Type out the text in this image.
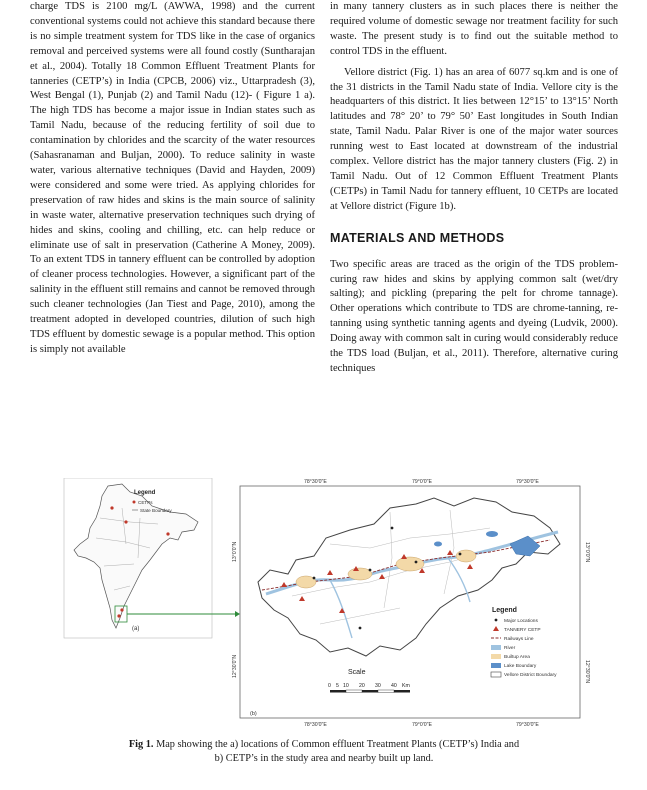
charge TDS is 2100 mg/L (AWWA, 1998) and the current conventional systems could not achieve this standard because there is no simple treatment system for TDS like in the case of organics removal and perceived systems were all found costly (Suntharajan et al., 2004). Totally 18 Common Effluent Treatment Plants for tanneries (CETP’s) in India (CPCB, 2006) viz., Uttarpradesh (3), West Bengal (1), Punjab (2) and Tamil Nadu (12)- ( Figure 1 a). The high TDS has become a major issue in Indian states such as Tamil Nadu, because of the reducing fertility of soil due to contamination by chlorides and the scarcity of the water resources (Sahasranaman and Buljan, 2000). To reduce salinity in waste water, various alternative techniques (David and Hayden, 2009) were considered and some were tried. As applying chlorides for preservation of raw hides and skins is the main source of salinity in waste water, alternative preservation techniques such drying of hides and skins, cooling and chilling, etc. can help reduce or eliminate use of salt in preservation (Catherine A Money, 2009). To an extent TDS in tannery effluent can be controlled by adoption of cleaner process technologies. However, a significant part of the salinity in the effluent still remains and cannot be removed through such cleaner technologies (Jan Tiest and Page, 2010), among the treatment adopted in developed countries, dilution of such high TDS effluent by domestic sewage is a popular method. This option is simply not available

in many tannery clusters as in such places there is neither the required volume of domestic sewage nor treatment facility for such waste. The present study is to find out the suitable method to control TDS in the effluent.

Vellore district (Fig. 1) has an area of 6077 sq.km and is one of the 31 districts in the Tamil Nadu state of India. Vellore city is the headquarters of this district. It lies between 12°15’ to 13°15’ North latitudes and 78° 20’ to 79° 50’ East longitudes in South Indian state, Tamil Nadu. Palar River is one of the major water sources running west to East located at downstream of the industrial complex. Vellore district has the major tannery clusters (Fig. 2) in Tamil Nadu. Out of 12 Common Effluent Treatment Plants (CETPs) in Tamil Nadu for tannery effluent, 10 CETPs are located at Vellore district (Figure 1b).

MATERIALS AND METHODS

Two specific areas are traced as the origin of the TDS problem- curing raw hides and skins by applying common salt (wet/dry salting); and pickling (preparing the pelt for chrome tannage). Other operations which contribute to TDS are chrome-tanning, re-tanning using synthetic tanning agents and dyeing (Ludvik, 2000). Doing away with common salt in curing would considerably reduce the TDS load (Buljan, et al., 2011). Therefore, alternative curing techniques

Legend
CETPs
State Boundary
(a)
78°30'0"E	79°0'0"E	79°30'0"E
78°30'0"E	79°0'0"E	79°30'0"E
13°0'0"N
12°30'0"N
13°0'0"N
12°30'0"N
Scale
0 5 10 20 30 40 Km
Legend
Major Locations
TANNERY CETP
Railways Line
River
Builtup Area
Lake Boundary
Vellore District Boundary
(b)
Fig 1. Map showing the a) locations of Common effluent Treatment Plants (CETP’s) India and
b) CETP’s in the study area and nearby built up land.
